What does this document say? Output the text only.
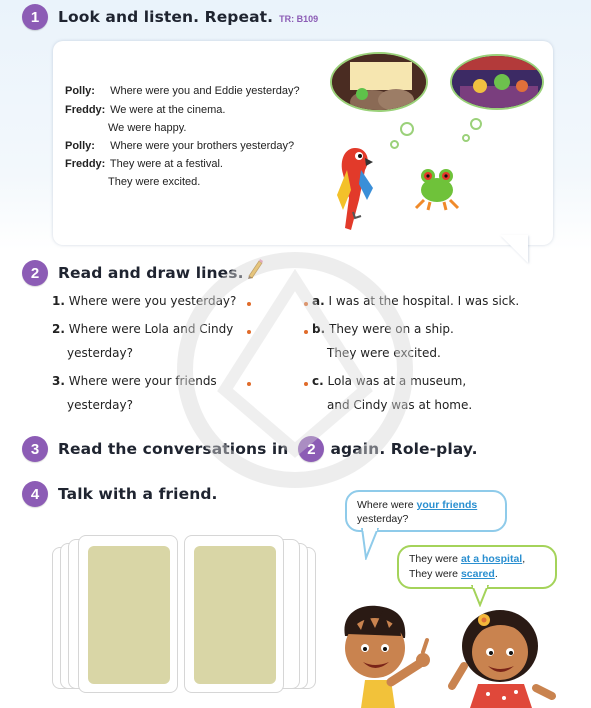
1	Look and listen. Repeat. TR: B109
Polly: Where were you and Eddie yesterday?
Freddy: We were at the cinema.
We were happy.
Polly: Where were your brothers yesterday?
Freddy: They were at a festival.
They were excited.
2	Read and draw lines.
1. Where were you yesterday?
2. Where were Lola and Cindy
yesterday?
3. Where were your friends
yesterday?
a. I was at the hospital. I was sick.
b. They were on a ship.
They were excited.
c. Lola was at a museum,
and Cindy was at home.
3	Read the conversations in	2 again. Role-play.
4	Talk with a friend.
Where were your friends
yesterday?
They were at a hospital,
They were scared.
